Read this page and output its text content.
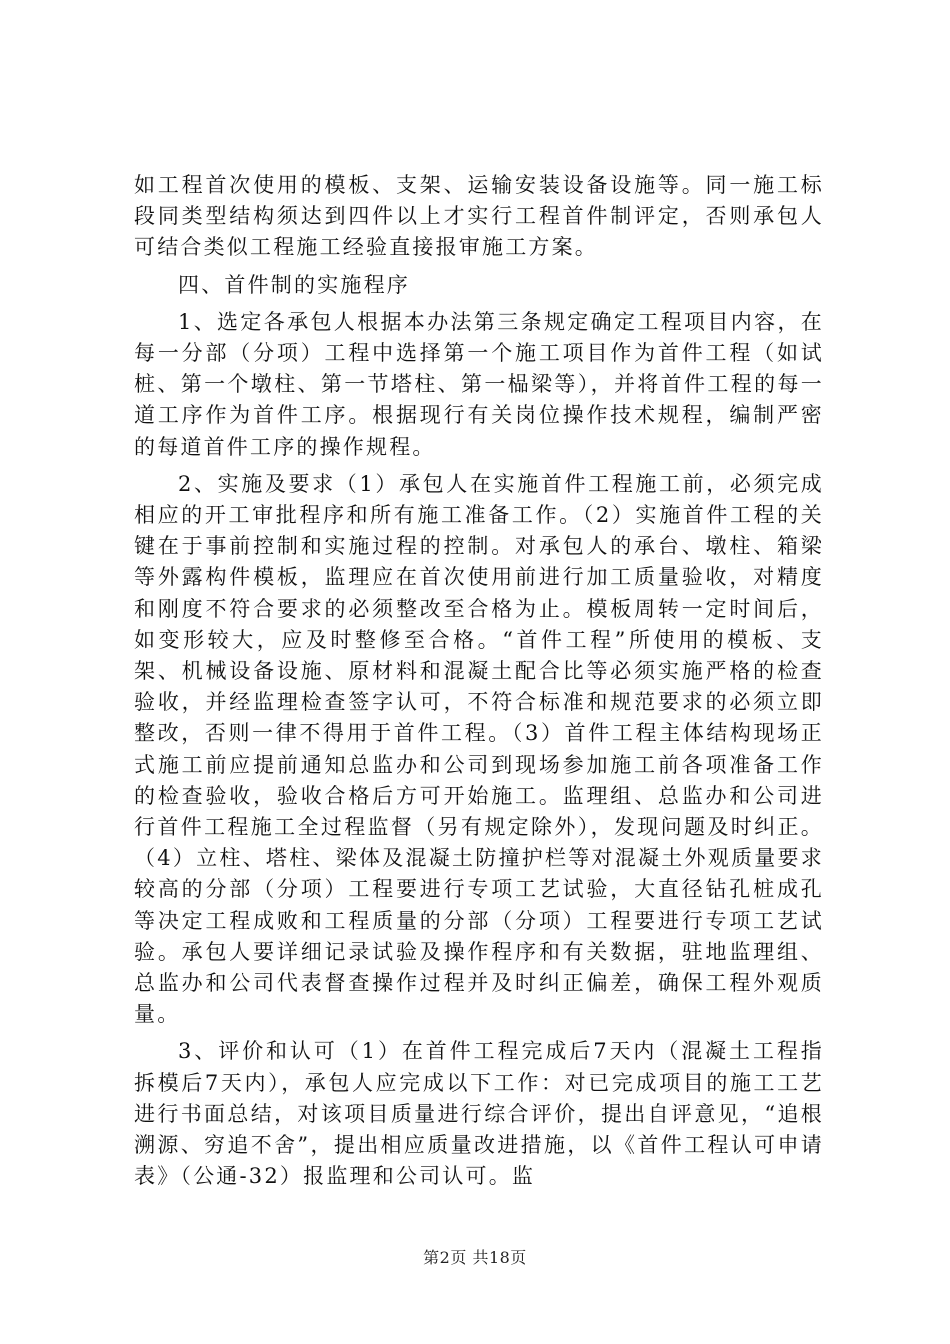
如工程首次使用的模板、支架、运输安装设备设施等。同一施工标段同类型结构须达到四件以上才实行工程首件制评定，否则承包人可结合类似工程施工经验直接报审施工方案。

四、首件制的实施程序

1、选定各承包人根据本办法第三条规定确定工程项目内容，在每一分部（分项）工程中选择第一个施工项目作为首件工程（如试桩、第一个墩柱、第一节塔柱、第一榀梁等），并将首件工程的每一道工序作为首件工序。根据现行有关岗位操作技术规程，编制严密的每道首件工序的操作规程。

2、实施及要求（1）承包人在实施首件工程施工前，必须完成相应的开工审批程序和所有施工准备工作。（2）实施首件工程的关键在于事前控制和实施过程的控制。对承包人的承台、墩柱、箱梁等外露构件模板，监理应在首次使用前进行加工质量验收，对精度和刚度不符合要求的必须整改至合格为止。模板周转一定时间后，如变形较大，应及时整修至合格。“首件工程”所使用的模板、支架、机械设备设施、原材料和混凝土配合比等必须实施严格的检查验收，并经监理检查签字认可，不符合标准和规范要求的必须立即整改，否则一律不得用于首件工程。（3）首件工程主体结构现场正式施工前应提前通知总监办和公司到现场参加施工前各项准备工作的检查验收，验收合格后方可开始施工。监理组、总监办和公司进行首件工程施工全过程监督（另有规定除外），发现问题及时纠正。（4）立柱、塔柱、梁体及混凝土防撞护栏等对混凝土外观质量要求较高的分部（分项）工程要进行专项工艺试验，大直径钻孔桩成孔等决定工程成败和工程质量的分部（分项）工程要进行专项工艺试验。承包人要详细记录试验及操作程序和有关数据，驻地监理组、总监办和公司代表督查操作过程并及时纠正偏差，确保工程外观质量。

3、评价和认可（1）在首件工程完成后7天内（混凝土工程指拆模后7天内），承包人应完成以下工作：对已完成项目的施工工艺进行书面总结，对该项目质量进行综合评价，提出自评意见，“追根溯源、穷追不舍”，提出相应质量改进措施，以《首件工程认可申请表》（公通-32）报监理和公司认可。监

第2页 共18页
